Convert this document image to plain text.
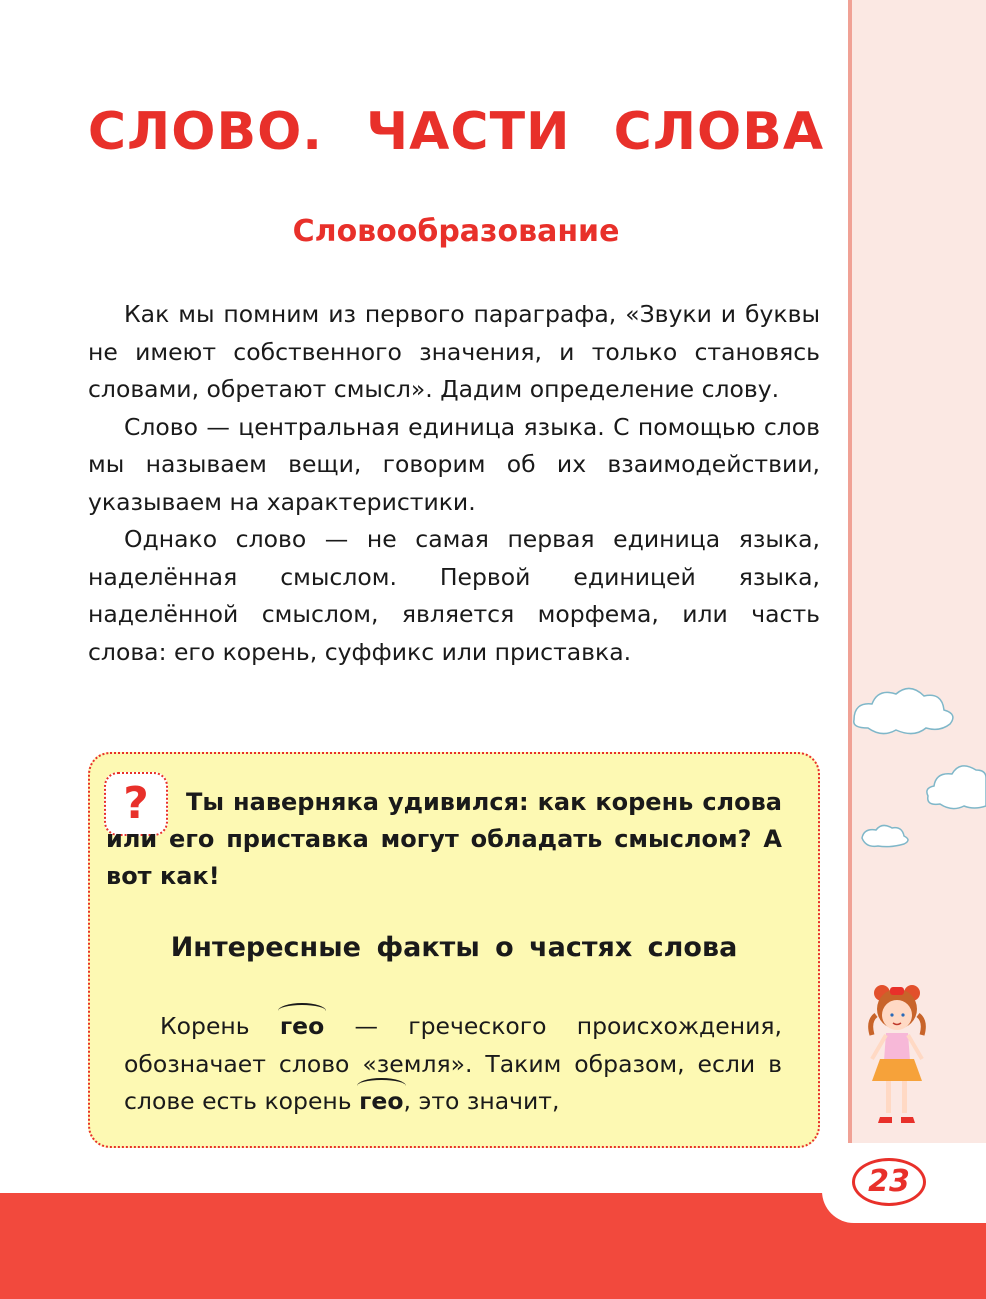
23
СЛОВО. ЧАСТИ СЛОВА
Словообразование

Как мы помним из первого параграфа, «Звуки и буквы не имеют собственного значения, и только становясь словами, обретают смысл». Дадим определение слову.

Слово — центральная единица языка. С помощью слов мы называем вещи, говорим об их взаимодействии, указываем на характеристики.

Однако слово — не самая первая единица языка, наделённая смыслом. Первой единицей языка, наделённой смыслом, является морфема, или часть слова: его корень, суффикс или приставка.

?	Ты наверняка удивился: как корень слова или его приставка могут обладать смыслом? А вот как!
Интересные факты о частях слова
Корень гео — греческого происхождения, обозначает слово «земля». Таким образом, если в слове есть корень гео, это значит,
